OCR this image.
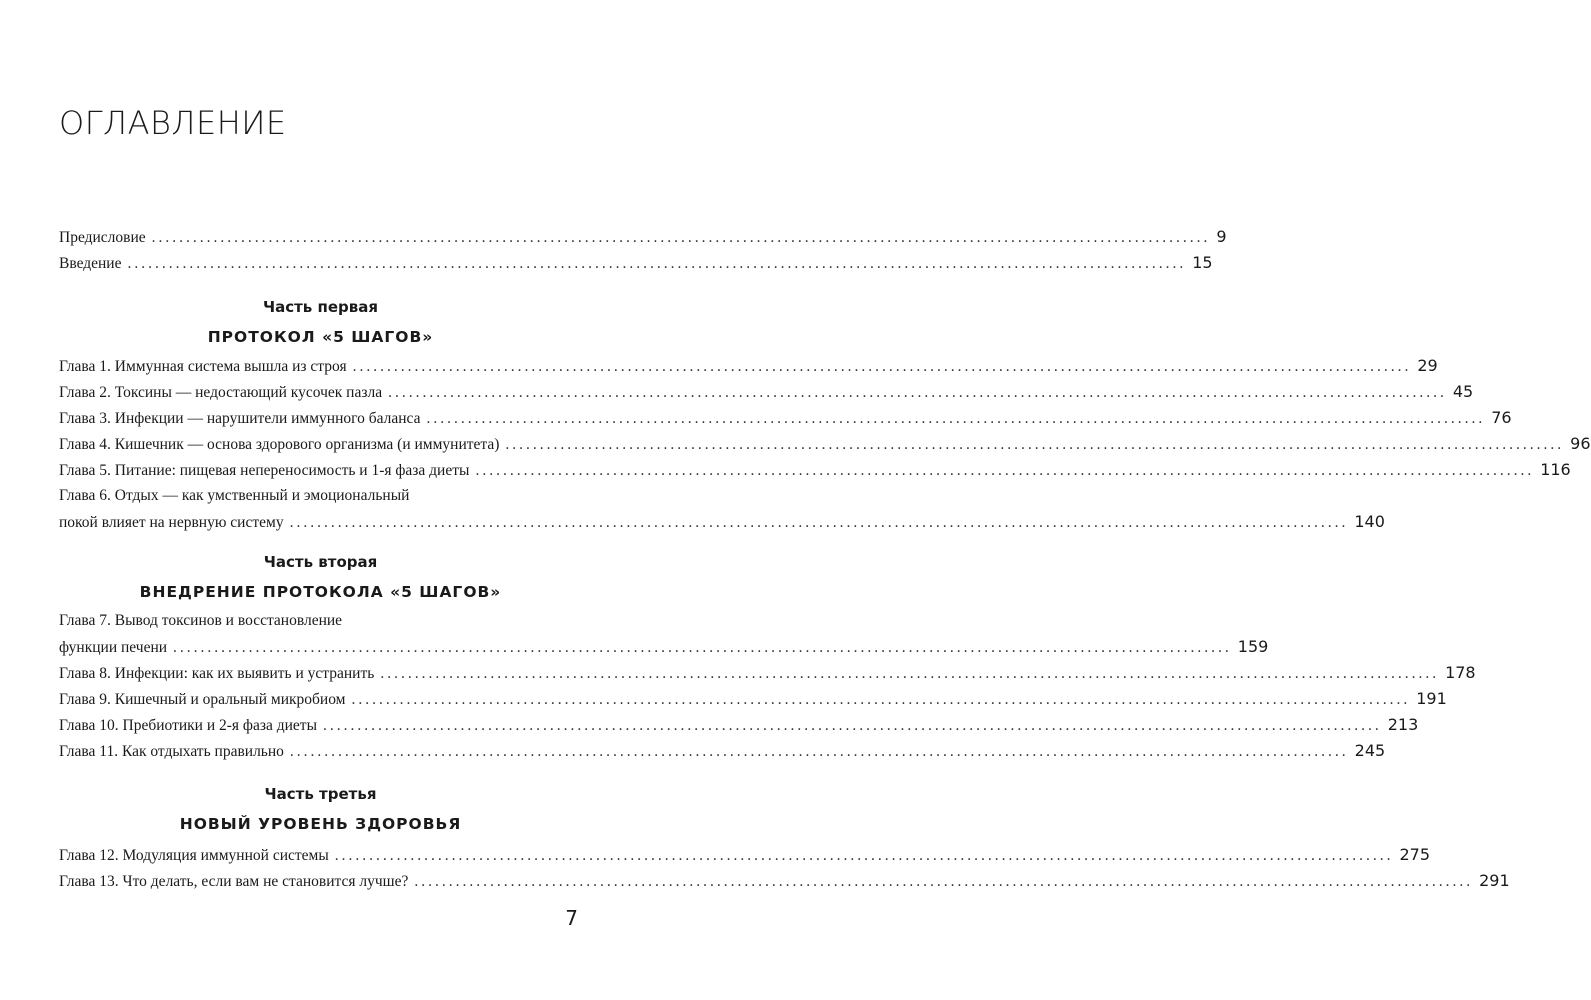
ОГЛАВЛЕНИЕ
Предисловие .......................................................................................................................................................... 9
Введение .......................................................................................................................................................... 15
Часть первая
ПРОТОКОЛ «5 ШАГОВ»
Глава 1. Иммунная система вышла из строя .......................................................................................................................................................... 29
Глава 2. Токсины — недостающий кусочек пазла .......................................................................................................................................................... 45
Глава 3. Инфекции — нарушители иммунного баланса .......................................................................................................................................................... 76
Глава 4. Кишечник — основа здорового организма (и иммунитета) .......................................................................................................................................................... 96
Глава 5. Питание: пищевая непереносимость и 1-я фаза диеты .......................................................................................................................................................... 116
Глава 6. Отдых — как умственный и эмоциональный
покой влияет на нервную систему .......................................................................................................................................................... 140
Часть вторая
ВНЕДРЕНИЕ ПРОТОКОЛА «5 ШАГОВ»
Глава 7. Вывод токсинов и восстановление
функции печени .......................................................................................................................................................... 159
Глава 8. Инфекции: как их выявить и устранить .......................................................................................................................................................... 178
Глава 9. Кишечный и оральный микробиом .......................................................................................................................................................... 191
Глава 10. Пребиотики и 2-я фаза диеты .......................................................................................................................................................... 213
Глава 11. Как отдыхать правильно .......................................................................................................................................................... 245
Часть третья
НОВЫЙ УРОВЕНЬ ЗДОРОВЬЯ
Глава 12. Модуляция иммунной системы .......................................................................................................................................................... 275
Глава 13. Что делать, если вам не становится лучше? .......................................................................................................................................................... 291
7
